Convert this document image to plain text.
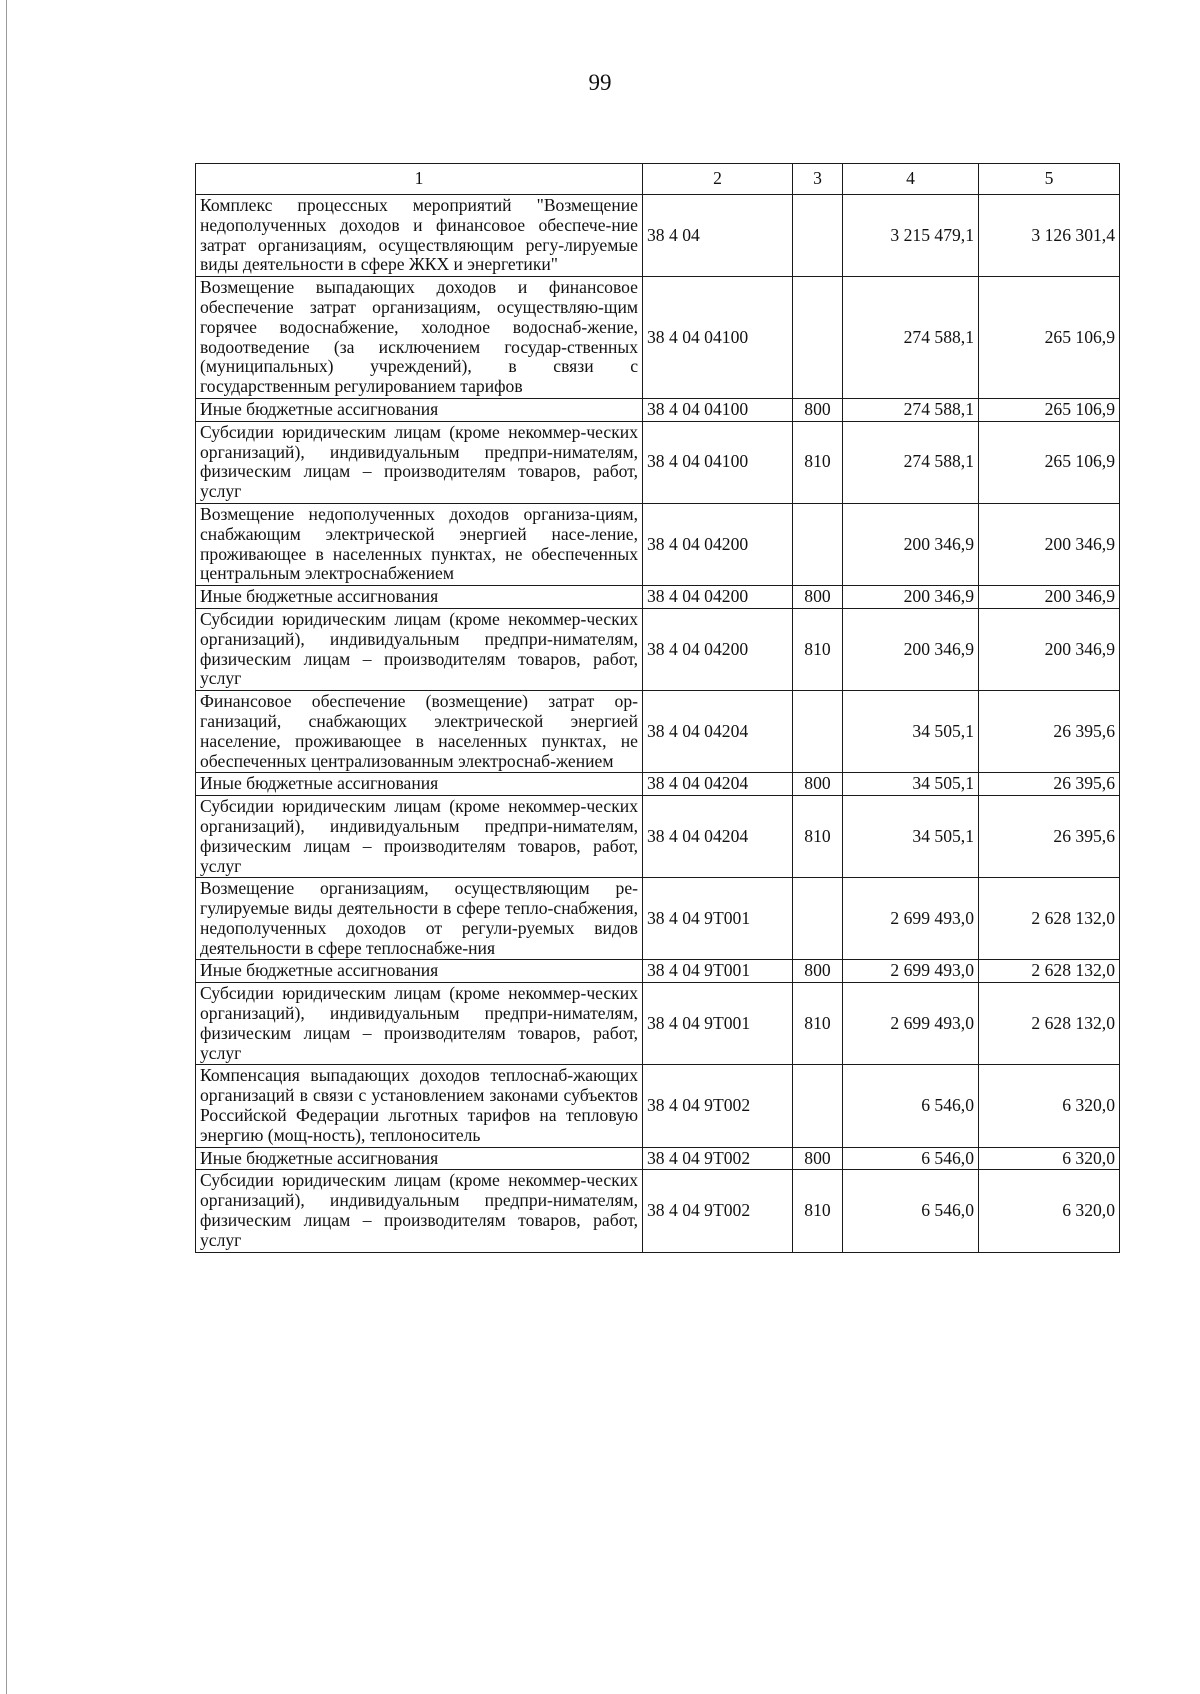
99
1	2	3	4	5
Комплекс процессных мероприятий "Возмещение недополученных доходов и финансовое обеспече-ние затрат организациям, осуществляющим регу-лируемые виды деятельности в сфере ЖКХ и энергетики"	38 4 04		3 215 479,1	3 126 301,4
Возмещение выпадающих доходов и финансовое обеспечение затрат организациям, осуществляю-щим горячее водоснабжение, холодное водоснаб-жение, водоотведение (за исключением государ-ственных (муниципальных) учреждений), в связи с государственным регулированием тарифов	38 4 04 04100		274 588,1	265 106,9
Иные бюджетные ассигнования	38 4 04 04100	800	274 588,1	265 106,9
Субсидии юридическим лицам (кроме некоммер-ческих организаций), индивидуальным предпри-нимателям, физическим лицам – производителям товаров, работ, услуг	38 4 04 04100	810	274 588,1	265 106,9
Возмещение недополученных доходов организа-циям, снабжающим электрической энергией насе-ление, проживающее в населенных пунктах, не обеспеченных центральным электроснабжением	38 4 04 04200		200 346,9	200 346,9
Иные бюджетные ассигнования	38 4 04 04200	800	200 346,9	200 346,9
Субсидии юридическим лицам (кроме некоммер-ческих организаций), индивидуальным предпри-нимателям, физическим лицам – производителям товаров, работ, услуг	38 4 04 04200	810	200 346,9	200 346,9
Финансовое обеспечение (возмещение) затрат ор-ганизаций, снабжающих электрической энергией население, проживающее в населенных пунктах, не обеспеченных централизованным электроснаб-жением	38 4 04 04204		34 505,1	26 395,6
Иные бюджетные ассигнования	38 4 04 04204	800	34 505,1	26 395,6
Субсидии юридическим лицам (кроме некоммер-ческих организаций), индивидуальным предпри-нимателям, физическим лицам – производителям товаров, работ, услуг	38 4 04 04204	810	34 505,1	26 395,6
Возмещение организациям, осуществляющим ре-гулируемые виды деятельности в сфере тепло-снабжения, недополученных доходов от регули-руемых видов деятельности в сфере теплоснабже-ния	38 4 04 9Т001		2 699 493,0	2 628 132,0
Иные бюджетные ассигнования	38 4 04 9Т001	800	2 699 493,0	2 628 132,0
Субсидии юридическим лицам (кроме некоммер-ческих организаций), индивидуальным предпри-нимателям, физическим лицам – производителям товаров, работ, услуг	38 4 04 9Т001	810	2 699 493,0	2 628 132,0
Компенсация выпадающих доходов теплоснаб-жающих организаций в связи с установлением законами субъектов Российской Федерации льготных тарифов на тепловую энергию (мощ-ность), теплоноситель	38 4 04 9Т002		6 546,0	6 320,0
Иные бюджетные ассигнования	38 4 04 9Т002	800	6 546,0	6 320,0
Субсидии юридическим лицам (кроме некоммер-ческих организаций), индивидуальным предпри-нимателям, физическим лицам – производителям товаров, работ, услуг	38 4 04 9Т002	810	6 546,0	6 320,0
